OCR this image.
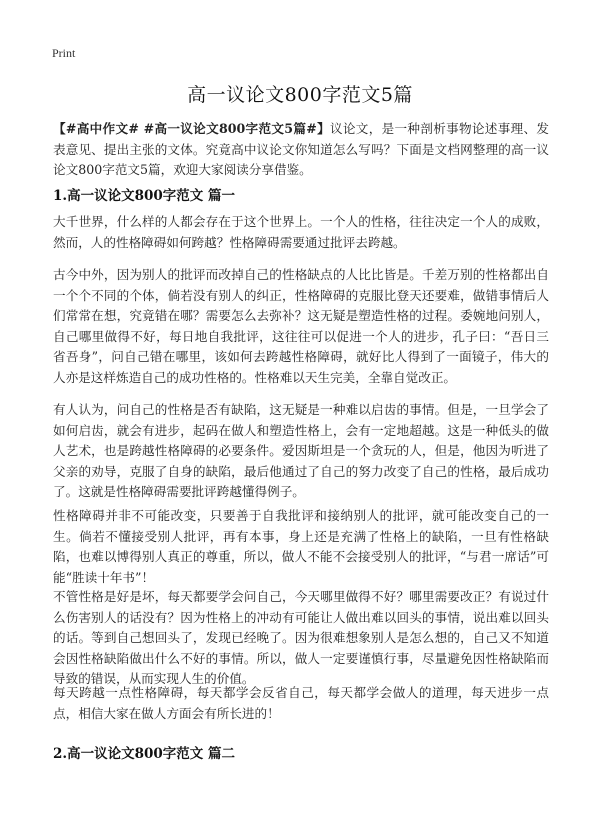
Print
高一议论文800字范文5篇
【#高中作文# #高一议论文800字范文5篇#】议论文，是一种剖析事物论述事理、发表意见、提出主张的文体。究竟高中议论文你知道怎么写吗？下面是文档网整理的高一议论文800字范文5篇，欢迎大家阅读分享借鉴。
1.高一议论文800字范文 篇一
大千世界，什么样的人都会存在于这个世界上。一个人的性格，往往决定一个人的成败，然而，人的性格障碍如何跨越？性格障碍需要通过批评去跨越。
古今中外，因为别人的批评而改掉自己的性格缺点的人比比皆是。千差万别的性格都出自一个个不同的个体，倘若没有别人的纠正，性格障碍的克服比登天还要难，做错事情后人们常常在想，究竟错在哪？需要怎么去弥补？这无疑是塑造性格的过程。委婉地问别人，自己哪里做得不好，每日地自我批评，这往往可以促进一个人的进步，孔子曰：“吾日三省吾身”，问自己错在哪里，该如何去跨越性格障碍，就好比人得到了一面镜子，伟大的人亦是这样炼造自己的成功性格的。性格难以天生完美，全靠自觉改正。
有人认为，问自己的性格是否有缺陷，这无疑是一种难以启齿的事情。但是，一旦学会了如何启齿，就会有进步，起码在做人和塑造性格上，会有一定地超越。这是一种低头的做人艺术，也是跨越性格障碍的必要条件。爱因斯坦是一个贪玩的人，但是，他因为听进了父亲的劝导，克服了自身的缺陷，最后他通过了自己的努力改变了自己的性格，最后成功了。这就是性格障碍需要批评跨越懂得例子。
性格障碍并非不可能改变，只要善于自我批评和接纳别人的批评，就可能改变自己的一生。倘若不懂接受别人批评，再有本事，身上还是充满了性格上的缺陷，一旦有性格缺陷，也难以博得别人真正的尊重，所以，做人不能不会接受别人的批评，“与君一席话”可能“胜读十年书”！
不管性格是好是坏，每天都要学会问自己，今天哪里做得不好？哪里需要改正？有说过什么伤害别人的话没有？因为性格上的冲动有可能让人做出难以回头的事情，说出难以回头的话。等到自己想回头了，发现已经晚了。因为很难想象别人是怎么想的，自己又不知道会因性格缺陷做出什么不好的事情。所以，做人一定要谨慎行事，尽量避免因性格缺陷而导致的错误，从而实现人生的价值。
每天跨越一点性格障碍，每天都学会反省自己，每天都学会做人的道理，每天进步一点点，相信大家在做人方面会有所长进的！
2.高一议论文800字范文 篇二
